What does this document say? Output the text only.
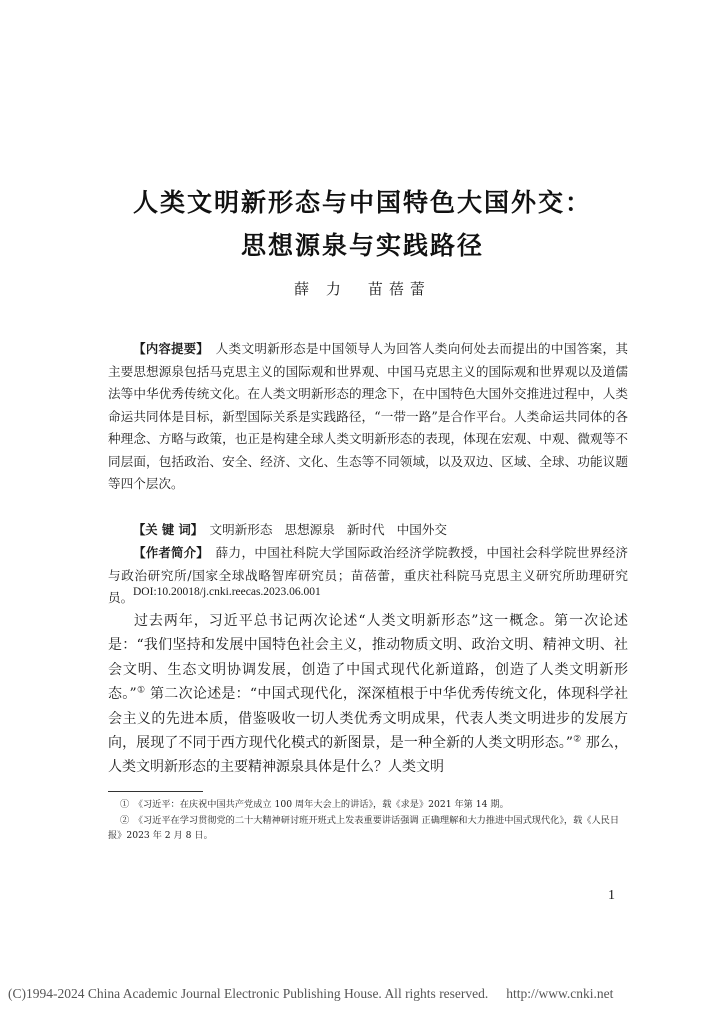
人类文明新形态与中国特色大国外交：
思想源泉与实践路径
薛 力　苗蓓蕾
【内容提要】　 人类文明新形态是中国领导人为回答人类向何处去而提出的中国答案，其主要思想源泉包括马克思主义的国际观和世界观、中国马克思主义的国际观和世界观以及道儒法等中华优秀传统文化。在人类文明新形态的理念下，在中国特色大国外交推进过程中，人类命运共同体是目标，新型国际关系是实践路径，“一带一路”是合作平台。人类命运共同体的各种理念、方略与政策，也正是构建全球人类文明新形态的表现，体现在宏观、中观、微观等不同层面，包括政治、安全、经济、文化、生态等不同领域，以及双边、区域、全球、功能议题等四个层次。
【关 键 词】　 文明新形态 思想源泉 新时代 中国外交
【作者简介】　 薛力，中国社科院大学国际政治经济学院教授，中国社会科学院世界经济与政治研究所/国家全球战略智库研究员；苗蓓蕾，重庆社科院马克思主义研究所助理研究员。 DOI:10.20018/j.cnki.reecas.2023.06.001
过去两年，习近平总书记两次论述“人类文明新形态”这一概念。第一次论述是：“我们坚持和发展中国特色社会主义，推动物质文明、政治文明、精神文明、社会文明、生态文明协调发展，创造了中国式现代化新道路，创造了人类文明新形态。”① 第二次论述是：“中国式现代化，深深植根于中华优秀传统文化，体现科学社会主义的先进本质，借鉴吸收一切人类优秀文明成果，代表人类文明进步的发展方向，展现了不同于西方现代化模式的新图景，是一种全新的人类文明形态。”② 那么，人类文明新形态的主要精神源泉具体是什么？人类文明
①　《习近平：在庆祝中国共产党成立 100 周年大会上的讲话》，载《求是》2021 年第 14 期。
②　《习近平在学习贯彻党的二十大精神研讨班开班式上发表重要讲话强调 正确理解和大力推进中国式现代化》，载《人民日报》2023 年 2 月 8 日。
1
(C)1994-2024 China Academic Journal Electronic Publishing House. All rights reserved. http://www.cnki.net
